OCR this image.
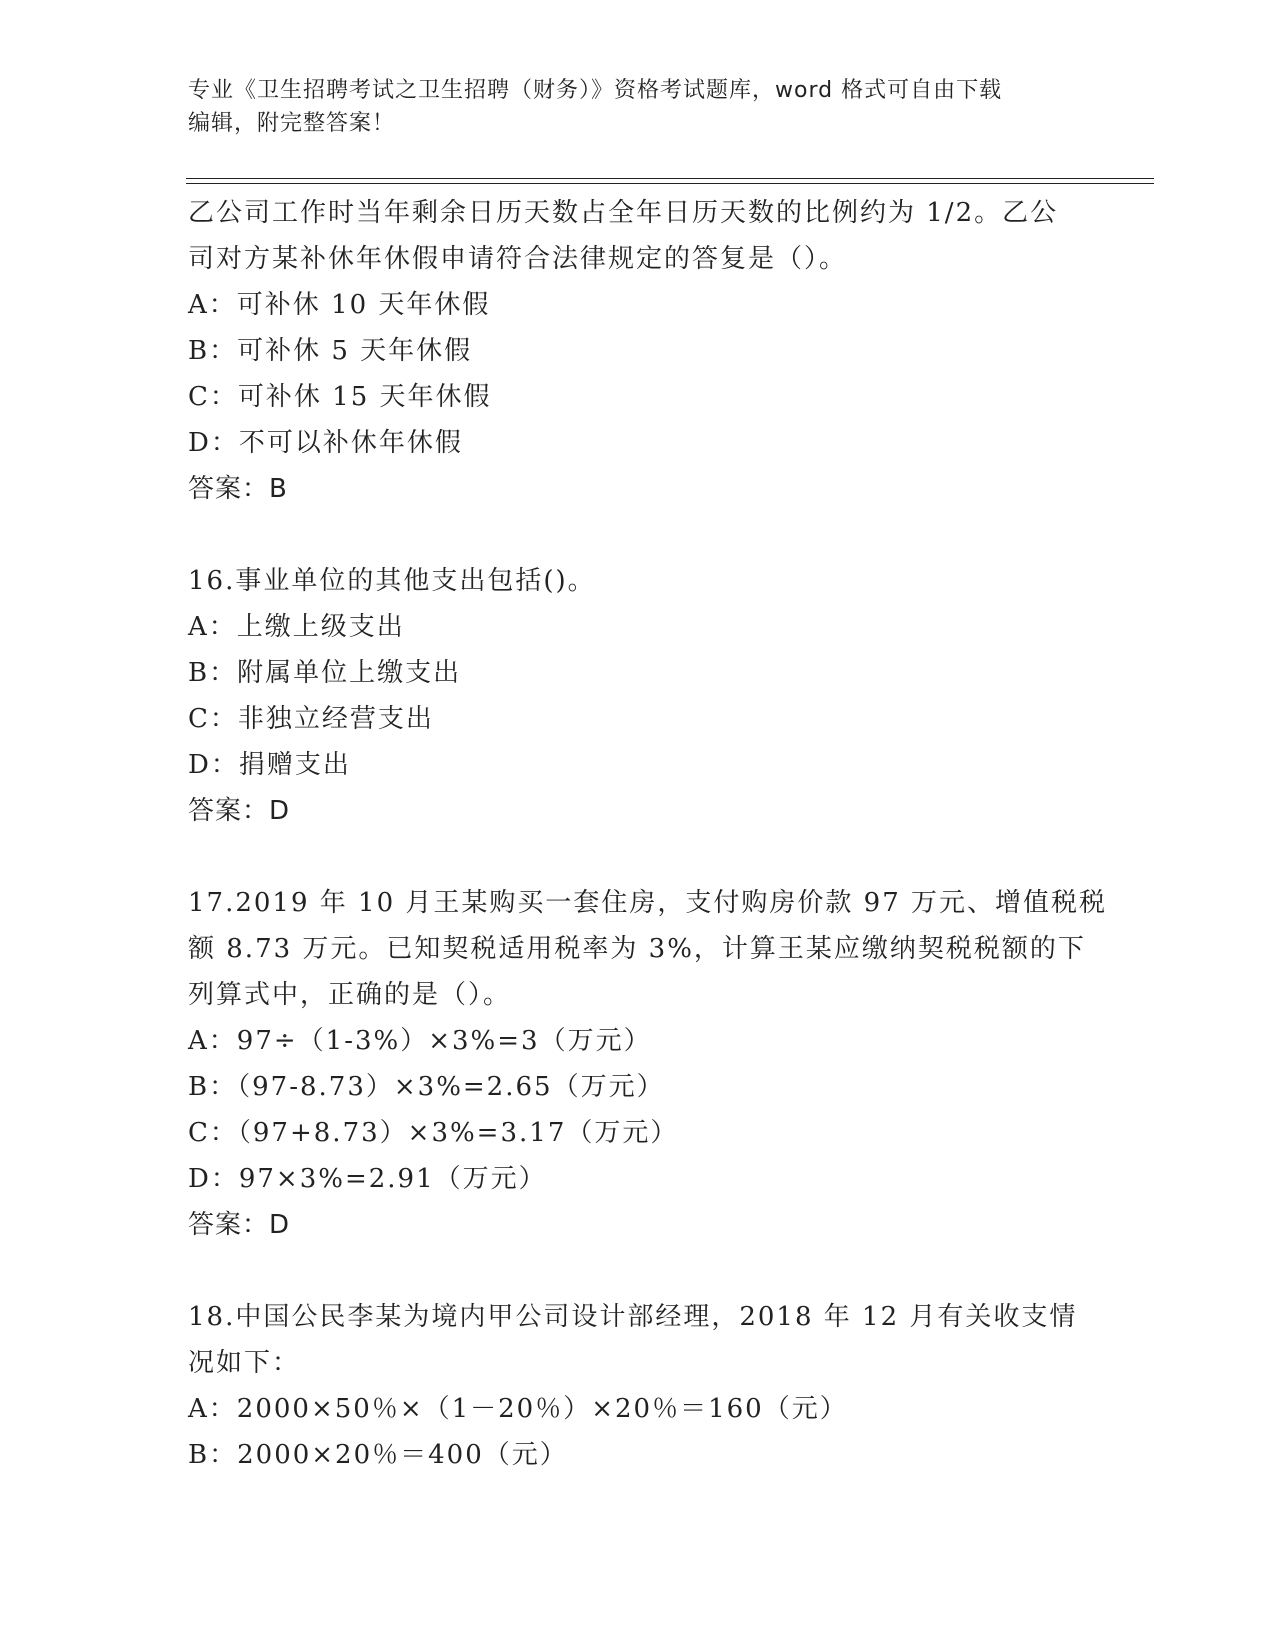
专业《卫生招聘考试之卫生招聘（财务）》资格考试题库，word 格式可自由下载
编辑，附完整答案！
乙公司工作时当年剩余日历天数占全年日历天数的比例约为 1/2。乙公
司对方某补休年休假申请符合法律规定的答复是（）。
A：可补休 10 天年休假
B：可补休 5 天年休假
C：可补休 15 天年休假
D：不可以补休年休假
答案：B
16.事业单位的其他支出包括()。
A：上缴上级支出
B：附属单位上缴支出
C：非独立经营支出
D：捐赠支出
答案：D
17.2019 年 10 月王某购买一套住房，支付购房价款 97 万元、增值税税
额 8.73 万元。已知契税适用税率为 3%，计算王某应缴纳契税税额的下
列算式中，正确的是（）。
A：97÷（1-3%）×3%=3（万元）
B：（97-8.73）×3%=2.65（万元）
C：（97+8.73）×3%=3.17（万元）
D：97×3%=2.91（万元）
答案：D
18.中国公民李某为境内甲公司设计部经理，2018 年 12 月有关收支情
况如下：
A：2000×50％×（1－20％）×20％＝160（元）
B：2000×20％＝400（元）
